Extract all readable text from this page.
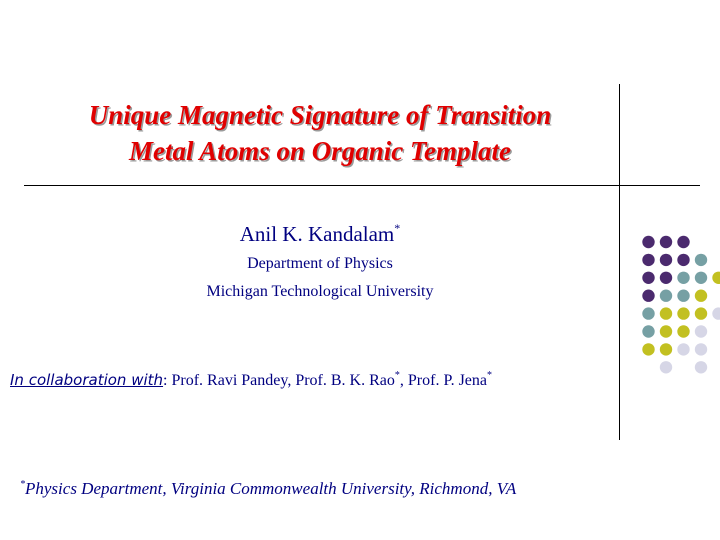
Unique Magnetic Signature of Transition
Metal Atoms on Organic Template
Anil K. Kandalam*
Department of Physics
Michigan Technological University
In collaboration with: Prof. Ravi Pandey, Prof. B. K. Rao*, Prof. P. Jena*
*Physics Department, Virginia Commonwealth University, Richmond, VA
